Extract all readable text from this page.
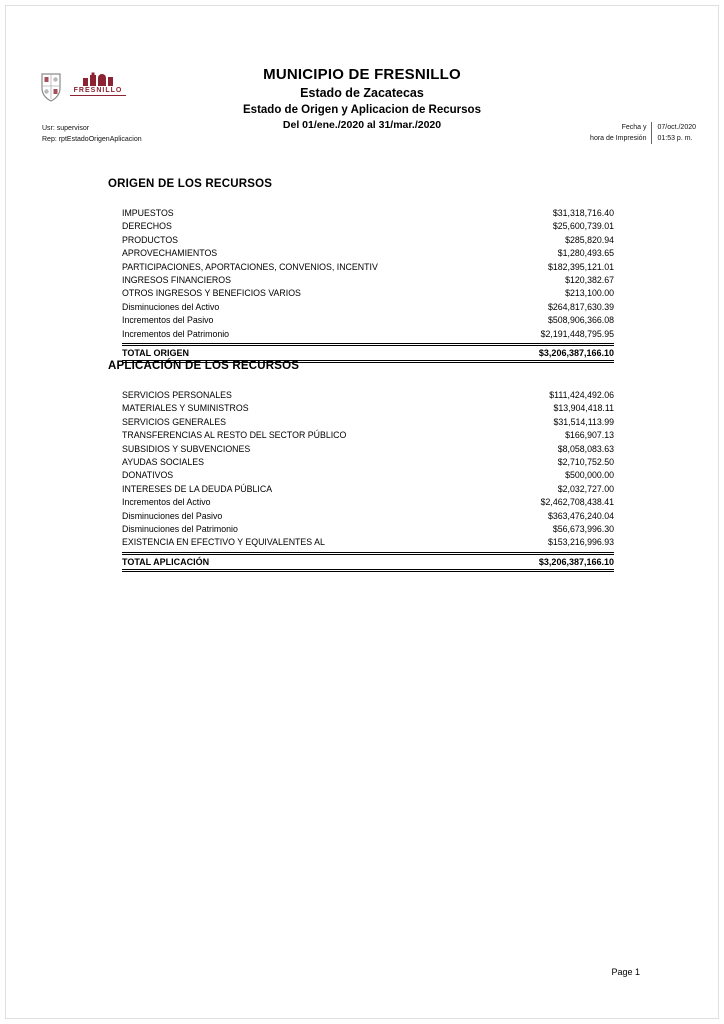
FRESNILLO
MUNICIPIO DE FRESNILLO
Estado de Zacatecas
Estado de Origen y Aplicacion de Recursos
Del 01/ene./2020 al 31/mar./2020
Usr: supervisor
Rep: rptEstadoOrigenAplicacion
Fecha y
hora de Impresión
07/oct./2020
01:53 p. m.
ORIGEN DE LOS RECURSOS
IMPUESTOS	$31,318,716.40
DERECHOS	$25,600,739.01
PRODUCTOS	$285,820.94
APROVECHAMIENTOS	$1,280,493.65
PARTICIPACIONES, APORTACIONES, CONVENIOS, INCENTIV	$182,395,121.01
INGRESOS FINANCIEROS	$120,382.67
OTROS INGRESOS Y BENEFICIOS VARIOS	$213,100.00
Disminuciones del Activo	$264,817,630.39
Incrementos del Pasivo	$508,906,366.08
Incrementos del Patrimonio	$2,191,448,795.95
TOTAL ORIGEN	$3,206,387,166.10
APLICACIÓN DE LOS RECURSOS
SERVICIOS PERSONALES	$111,424,492.06
MATERIALES Y SUMINISTROS	$13,904,418.11
SERVICIOS GENERALES	$31,514,113.99
TRANSFERENCIAS AL RESTO DEL SECTOR PÚBLICO	$166,907.13
SUBSIDIOS Y SUBVENCIONES	$8,058,083.63
AYUDAS SOCIALES	$2,710,752.50
DONATIVOS	$500,000.00
INTERESES DE LA DEUDA PÚBLICA	$2,032,727.00
Incrementos del Activo	$2,462,708,438.41
Disminuciones del Pasivo	$363,476,240.04
Disminuciones del Patrimonio	$56,673,996.30
EXISTENCIA EN EFECTIVO Y EQUIVALENTES AL	$153,216,996.93
TOTAL APLICACIÓN	$3,206,387,166.10
Page 1
